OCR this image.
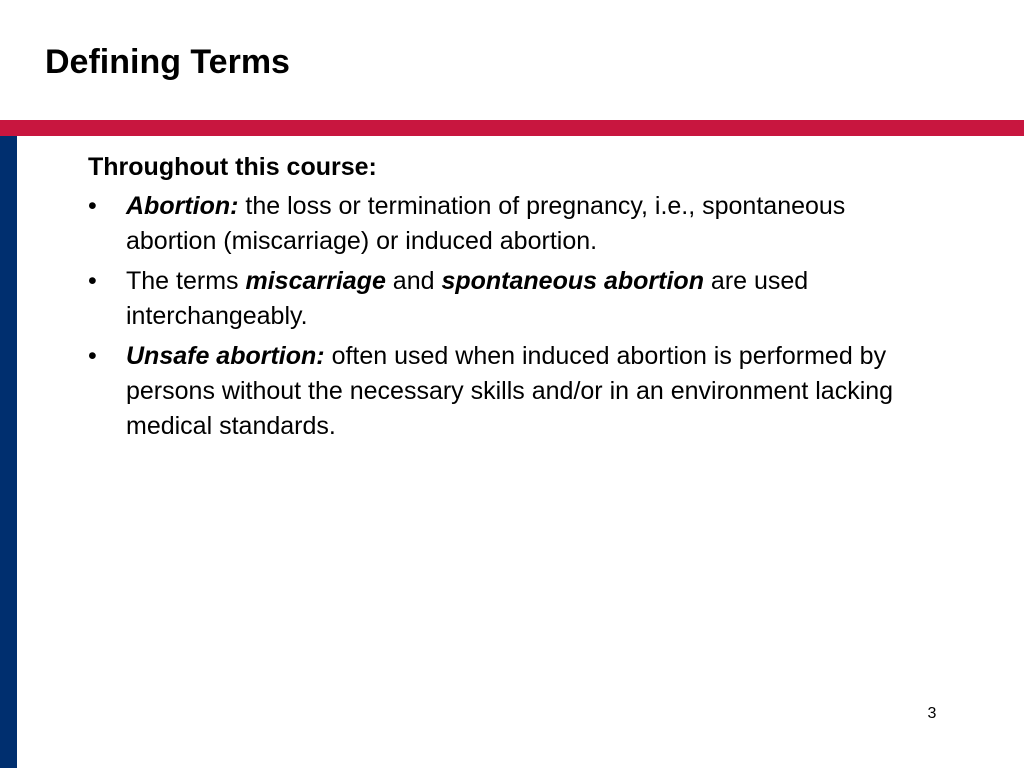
Defining Terms
Throughout this course:
• Abortion: the loss or termination of pregnancy, i.e., spontaneous abortion (miscarriage) or induced abortion.
• The terms miscarriage and spontaneous abortion are used interchangeably.
• Unsafe abortion: often used when induced abortion is performed by persons without the necessary skills and/or in an environment lacking medical standards.
3
